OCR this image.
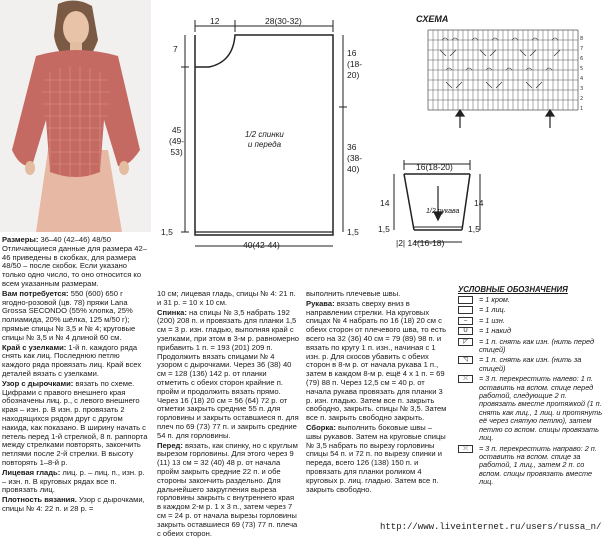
12	28(30-32)
7
45
(49-
53)
1,5
16
(18-
20)
36
(38-
40)
1,5
40(42-44)
1/2 спинки
и переда
СХЕМА
8
7
6
5
4
3
2
1
16(18-20)
14	14
1/2 рукава
1,5	1,5
|2| 14(16-18)

Размеры: 36–40 (42–46) 48/50 Отличающиеся данные для размера 42–46 приведены в скобках, для размера 48/50 – после скобок. Если указано только одно число, то оно относится ко всем указанным размерам.

Вам потребуется: 550 (600) 650 г ягодно-розовой (цв. 78) пряжи Lana Grossa SECONDO (55% хлопка, 25% полиамида, 20% шёлка, 125 м/50 г); прямые спицы № 3,5 и № 4; круговые спицы № 3,5 и № 4 длиной 60 см.

Край с узелками: 1-й п. каждого ряда снять как лиц. Последнюю петлю каждого ряда провязать лиц. Край всех деталей вязать с узелками.

Узор с дырочками: вязать по схеме. Цифрами с правого внешнего края обозначены лиц. р., с левого внешнего края – изн. р. В изн. р. провязать 2 находящихся рядом друг с другом накида, как показано. В ширину начать с петель перед 1-й стрелкой, 8 п. раппорта между стрелками повторять, закончить петлями после 2-й стрелки. В высоту повторять 1–8-й р.

Лицевая гладь: лиц. р. – лиц. п., изн. р. – изн. п. В круговых рядах все п. провязать лиц.

Плотность вязания. Узор с дырочками, спицы № 4: 22 п. и 28 р. =

10 см; лицевая гладь, спицы № 4: 21 п. и 31 р. = 10 х 10 см.

Спинка: на спицы № 3,5 набрать 192 (200) 208 п. и провязать для планки 1,5 см = 3 р. изн. гладью, выполняя край с узелками, при этом в 3-м р. равномерно прибавить 1 п. = 193 (201) 209 п. Продолжить вязать спицами № 4 узором с дырочками. Через 36 (38) 40 см = 128 (136) 142 р. от планки отметить с обеих сторон крайние п. пройм и продолжить вязать прямо. Через 16 (18) 20 см = 56 (64) 72 р. от отметки закрыть средние 55 п. для горловины и закрыть оставшиеся п. для плеч по 69 (73) 77 п. и закрыть средние 54 п. для горловины.

Перед: вязать, как спинку, но с круглым вырезом горловины. Для этого через 9 (11) 13 см = 32 (40) 48 р. от начала пройм закрыть средние 22 п. и обе стороны закончить раздельно. Для дальнейшего закругления выреза горловины закрыть с внутреннего края в каждом 2-м р. 1 х 3 п., затем через 7 см = 24 р. от начала вырезы горловины закрыть оставшиеся 69 (73) 77 п. плеча с обеих сторон.

выполнить плечевые швы.

Рукава: вязать сверху вниз в направлении стрелки. На круговых спицах № 4 набрать по 16 (18) 20 см с обеих сторон от плечевого шва, то есть всего на 32 (36) 40 см = 79 (89) 98 п. и вязать по кругу 1 п. изн., начиная с 1 изн. р. Для скосов убавить с обеих сторон в 8-м р. от начала рукава 1 п., затем в каждом 8-м р. ещё 4 х 1 п. = 69 (79) 88 п. Через 12,5 см = 40 р. от начала рукава провязать для планки 3 р. изн. гладью. Затем все п. закрыть свободно, закрыть. спицы № 3,5. Затем все п. закрыть свободно закрыть.

Сборка: выполнить боковые швы – швы рукавов. Затем на круговые спицы № 3,5 набрать по вырезу горловины спицы 54 п. и 72 п. по вырезу спинки и переда, всего 126 (138) 150 п. и провязать для планки роликом 4 круговых р. лиц. гладью. Затем все п. закрыть свободно.

УСЛОВНЫЕ ОБОЗНАЧЕНИЯ
= 1 кром.
= 1 лиц.
–	= 1 изн.
U	= 1 накид
◸	= 1 п. снять как изн. (нить перед спицей)
◹	= 1 п. снять как изн. (нить за спицей)
⤬	= 3 п. перекрестить налево: 1 п. оставить на вспом. спице перед работой, следующие 2 п. провязать вместе протяжкой (1 п. снять как лиц., 1 лиц. и протянуть её через снятую петлю), затем петлю со вспом. спицы провязать лиц.
⤫	= 3 п. перекрестить направо: 2 п. оставить на вспом. спице за работой, 1 лиц., затем 2 п. со вспом. спицы провязать вместе лиц.
http://www.liveinternet.ru/users/russa_n/
